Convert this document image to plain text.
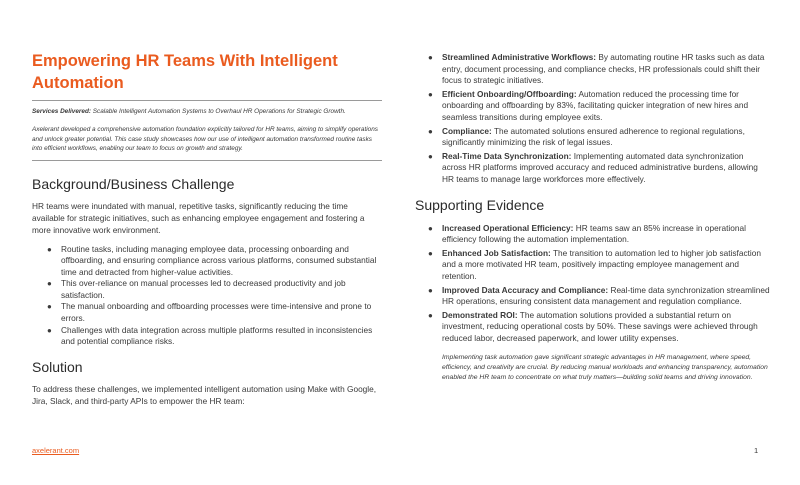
Empowering HR Teams With Intelligent Automation

Services Delivered: Scalable Intelligent Automation Systems to Overhaul HR Operations for Strategic Growth.

Axelerant developed a comprehensive automation foundation explicitly tailored for HR teams, aiming to simplify operations and unlock greater potential. This case study showcases how our use of intelligent automation transformed routine tasks into efficient workflows, enabling our team to focus on growth and strategy.

Background/Business Challenge

HR teams were inundated with manual, repetitive tasks, significantly reducing the time available for strategic initiatives, such as enhancing employee engagement and fostering a more innovative work environment.

● Routine tasks, including managing employee data, processing onboarding and offboarding, and ensuring compliance across various platforms, consumed substantial time and detracted from higher-value activities.
● This over-reliance on manual processes led to decreased productivity and job satisfaction.
● The manual onboarding and offboarding processes were time-intensive and prone to errors.
● Challenges with data integration across multiple platforms resulted in inconsistencies and potential compliance risks.
Solution

To address these challenges, we implemented intelligent automation using Make with Google, Jira, Slack, and third-party APIs to empower the HR team:

● Streamlined Administrative Workflows: By automating routine HR tasks such as data entry, document processing, and compliance checks, HR professionals could shift their focus to strategic initiatives.
● Efficient Onboarding/Offboarding: Automation reduced the processing time for onboarding and offboarding by 83%, facilitating quicker integration of new hires and seamless transitions during employee exits.
● Compliance: The automated solutions ensured adherence to regional regulations, significantly minimizing the risk of legal issues.
● Real-Time Data Synchronization: Implementing automated data synchronization across HR platforms improved accuracy and reduced administrative burdens, allowing HR teams to manage large workforces more effectively.
Supporting Evidence
● Increased Operational Efficiency: HR teams saw an 85% increase in operational efficiency following the automation implementation.
● Enhanced Job Satisfaction: The transition to automation led to higher job satisfaction and a more motivated HR team, positively impacting employee management and retention.
● Improved Data Accuracy and Compliance: Real-time data synchronization streamlined HR operations, ensuring consistent data management and regulation compliance.
● Demonstrated ROI: The automation solutions provided a substantial return on investment, reducing operational costs by 50%. These savings were achieved through reduced labor, decreased paperwork, and lower utility expenses.

Implementing task automation gave significant strategic advantages in HR management, where speed, efficiency, and creativity are crucial. By reducing manual workloads and enhancing transparency, automation enabled the HR team to concentrate on what truly matters—building solid teams and driving innovation.

axelerant.com	1
